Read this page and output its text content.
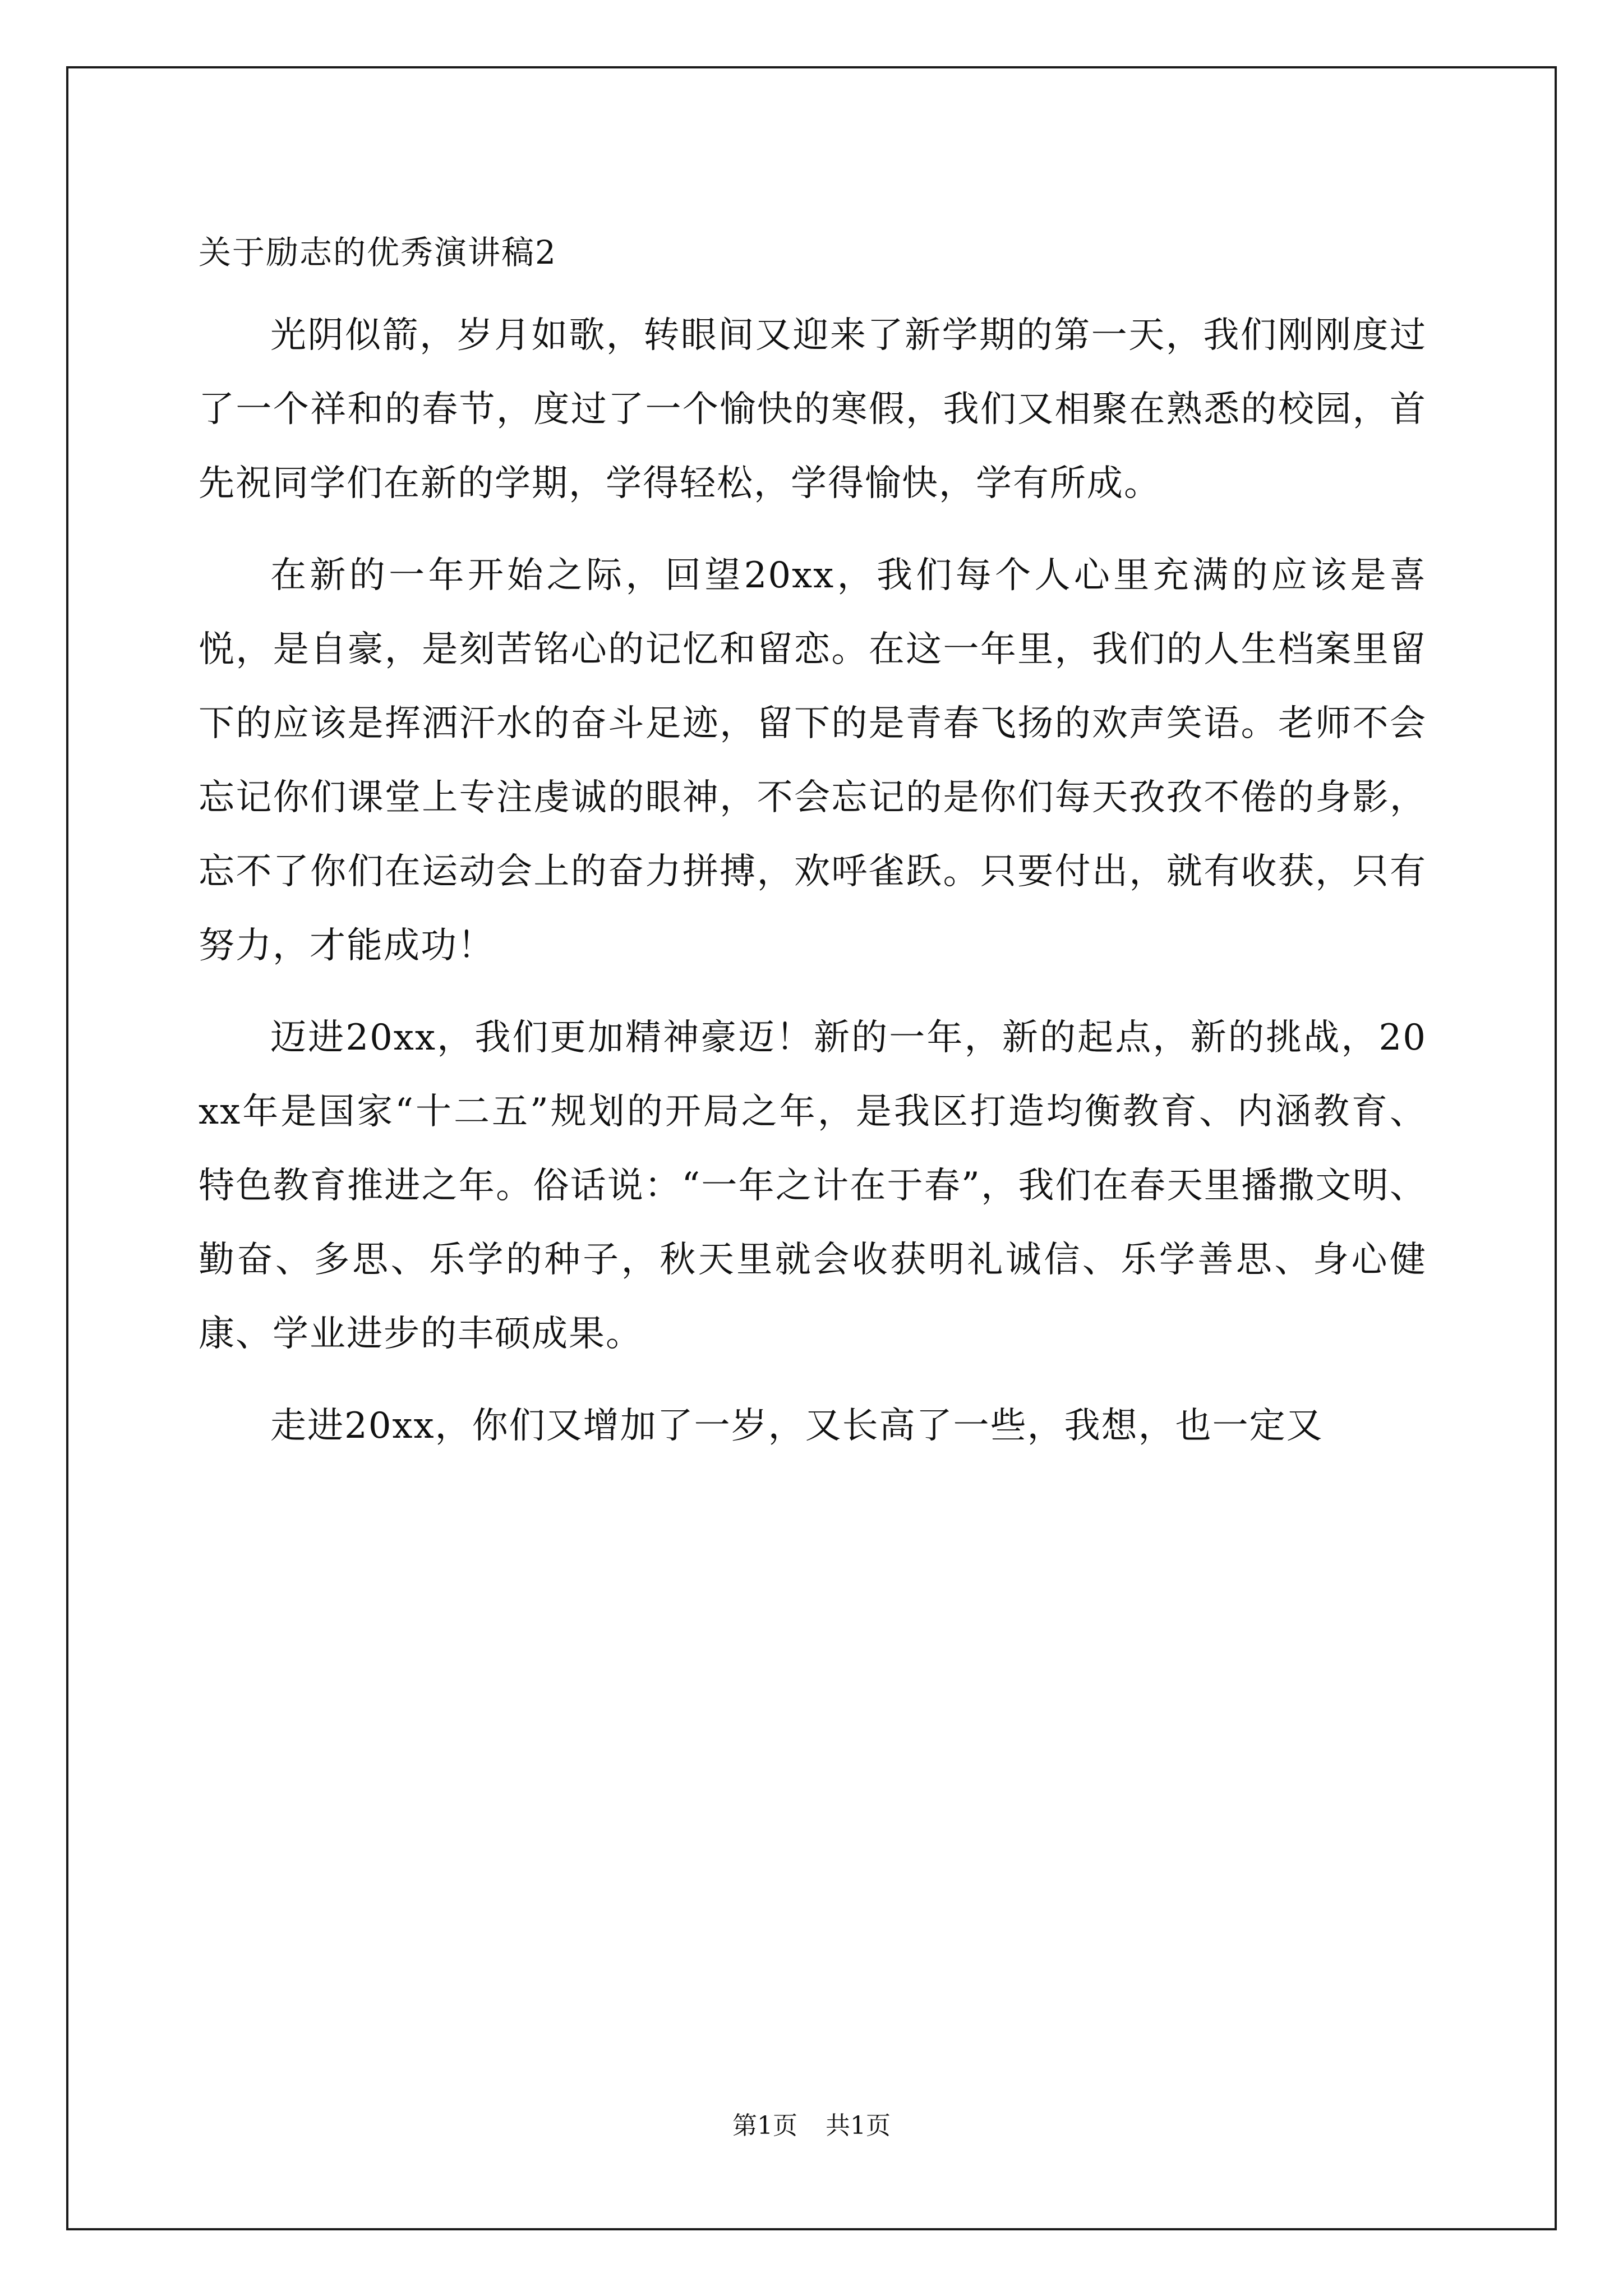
关于励志的优秀演讲稿2

光阴似箭，岁月如歌，转眼间又迎来了新学期的第一天，我们刚刚度过了一个祥和的春节，度过了一个愉快的寒假，我们又相聚在熟悉的校园，首先祝同学们在新的学期，学得轻松，学得愉快，学有所成。

在新的一年开始之际，回望20xx，我们每个人心里充满的应该是喜悦，是自豪，是刻苦铭心的记忆和留恋。在这一年里，我们的人生档案里留下的应该是挥洒汗水的奋斗足迹，留下的是青春飞扬的欢声笑语。老师不会忘记你们课堂上专注虔诚的眼神，不会忘记的是你们每天孜孜不倦的身影，忘不了你们在运动会上的奋力拼搏，欢呼雀跃。只要付出，就有收获，只有努力，才能成功！

迈进20xx，我们更加精神豪迈！新的一年，新的起点，新的挑战，20xx年是国家“十二五”规划的开局之年，是我区打造均衡教育、内涵教育、特色教育推进之年。俗话说：“一年之计在于春”，我们在春天里播撒文明、勤奋、多思、乐学的种子，秋天里就会收获明礼诚信、乐学善思、身心健康、学业进步的丰硕成果。

走进20xx，你们又增加了一岁，又长高了一些，我想，也一定又

第1页 共1页
